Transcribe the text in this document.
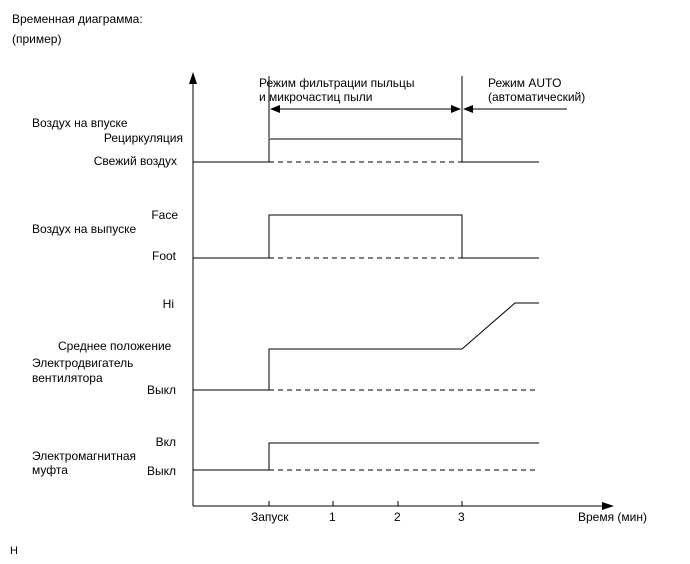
Временная диаграмма:
(пример)
Режим фильтрации пыльцы
и микрочастиц пыли
Режим AUTO
(автоматический)
Воздух на впуске
Рециркуляция
Свежий воздух
Face
Воздух на выпуске
Foot
Hi
Среднее положение
Электродвигатель
вентилятора
Выкл
Вкл
Электромагнитная
муфта	Выкл
Запуск	1	2	3	Время (мин)
H
